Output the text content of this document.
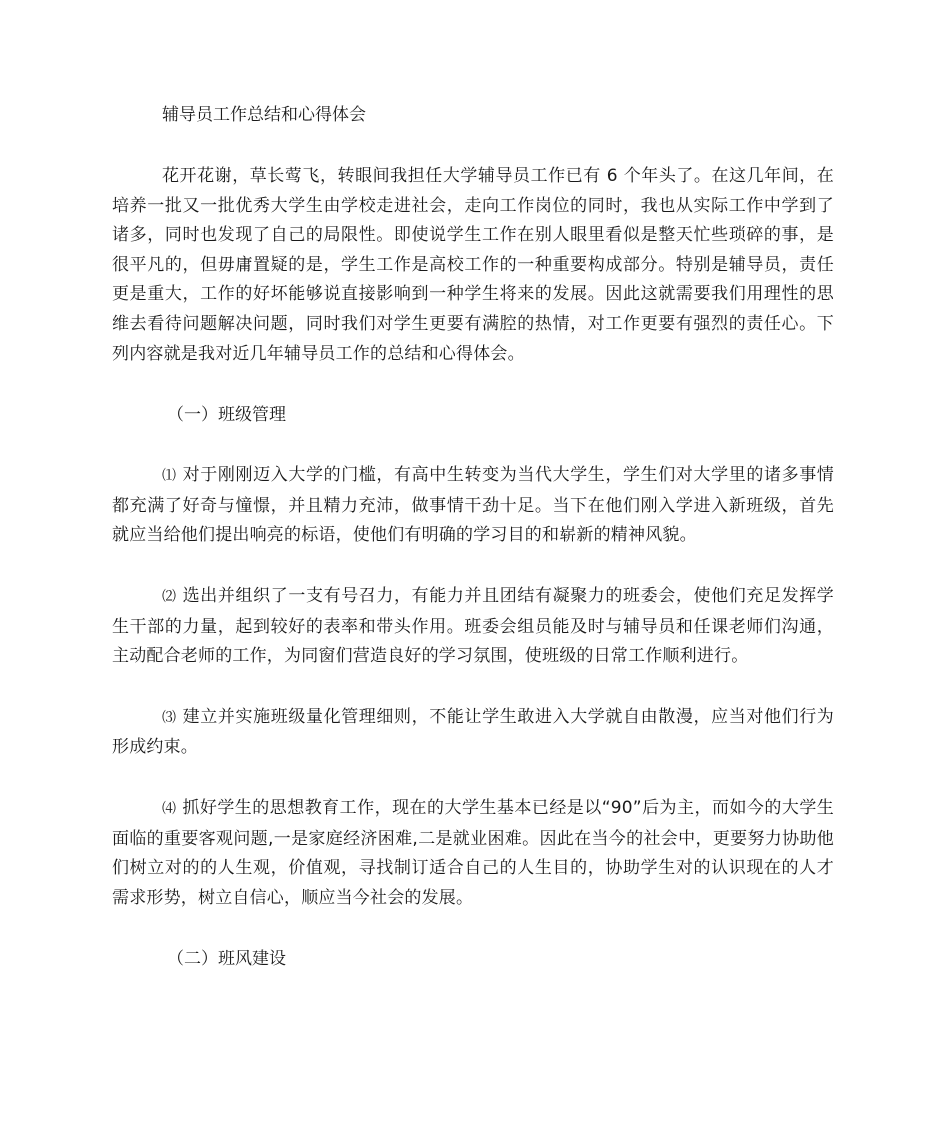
辅导员工作总结和心得体会

花开花谢，草长莺飞，转眼间我担任大学辅导员工作已有 6 个年头了。在这几年间，在培养一批又一批优秀大学生由学校走进社会，走向工作岗位的同时，我也从实际工作中学到了诸多，同时也发现了自己的局限性。即使说学生工作在别人眼里看似是整天忙些琐碎的事，是很平凡的，但毋庸置疑的是，学生工作是高校工作的一种重要构成部分。特别是辅导员，责任更是重大，工作的好坏能够说直接影响到一种学生将来的发展。因此这就需要我们用理性的思维去看待问题解决问题，同时我们对学生更要有满腔的热情，对工作更要有强烈的责任心。下列内容就是我对近几年辅导员工作的总结和心得体会。

（一）班级管理

⑴ 对于刚刚迈入大学的门槛，有高中生转变为当代大学生，学生们对大学里的诸多事情都充满了好奇与憧憬，并且精力充沛，做事情干劲十足。当下在他们刚入学进入新班级，首先就应当给他们提出响亮的标语，使他们有明确的学习目的和崭新的精神风貌。

⑵ 选出并组织了一支有号召力，有能力并且团结有凝聚力的班委会，使他们充足发挥学生干部的力量，起到较好的表率和带头作用。班委会组员能及时与辅导员和任课老师们沟通，主动配合老师的工作，为同窗们营造良好的学习氛围，使班级的日常工作顺利进行。

⑶ 建立并实施班级量化管理细则，不能让学生敢进入大学就自由散漫，应当对他们行为形成约束。

⑷ 抓好学生的思想教育工作，现在的大学生基本已经是以“90”后为主，而如今的大学生面临的重要客观问题,一是家庭经济困难,二是就业困难。因此在当今的社会中，更要努力协助他们树立对的的人生观，价值观，寻找制订适合自己的人生目的，协助学生对的认识现在的人才需求形势，树立自信心，顺应当今社会的发展。

（二）班风建设
